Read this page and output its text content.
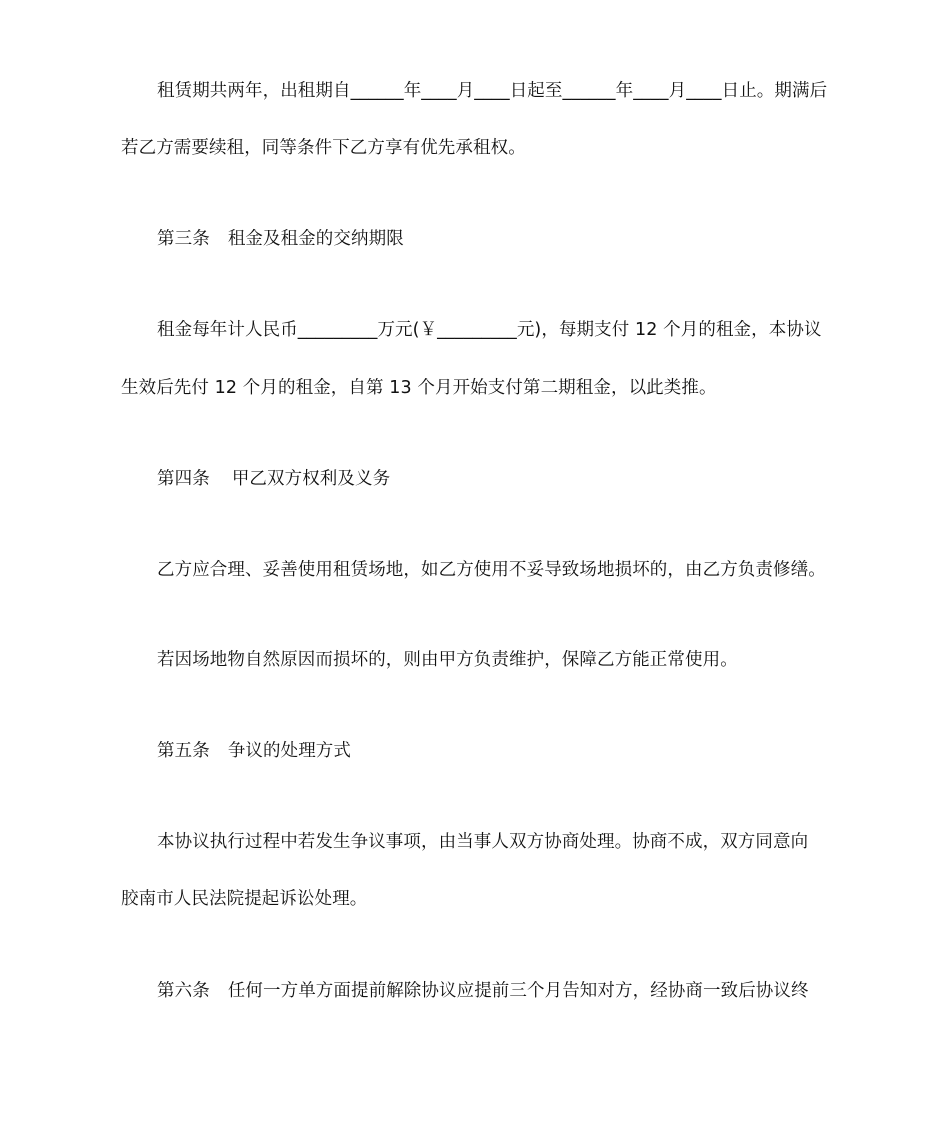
租赁期共两年，出租期自______年____月____日起至______年____月____日止。期满后
若乙方需要续租，同等条件下乙方享有优先承租权。
第三条 租金及租金的交纳期限
租金每年计人民币_________万元(￥_________元)，每期支付 12 个月的租金，本协议
生效后先付 12 个月的租金，自第 13 个月开始支付第二期租金，以此类推。
第四条 甲乙双方权利及义务
乙方应合理、妥善使用租赁场地，如乙方使用不妥导致场地损坏的，由乙方负责修缮。
若因场地物自然原因而损坏的，则由甲方负责维护，保障乙方能正常使用。
第五条 争议的处理方式
本协议执行过程中若发生争议事项，由当事人双方协商处理。协商不成，双方同意向
胶南市人民法院提起诉讼处理。
第六条 任何一方单方面提前解除协议应提前三个月告知对方，经协商一致后协议终
